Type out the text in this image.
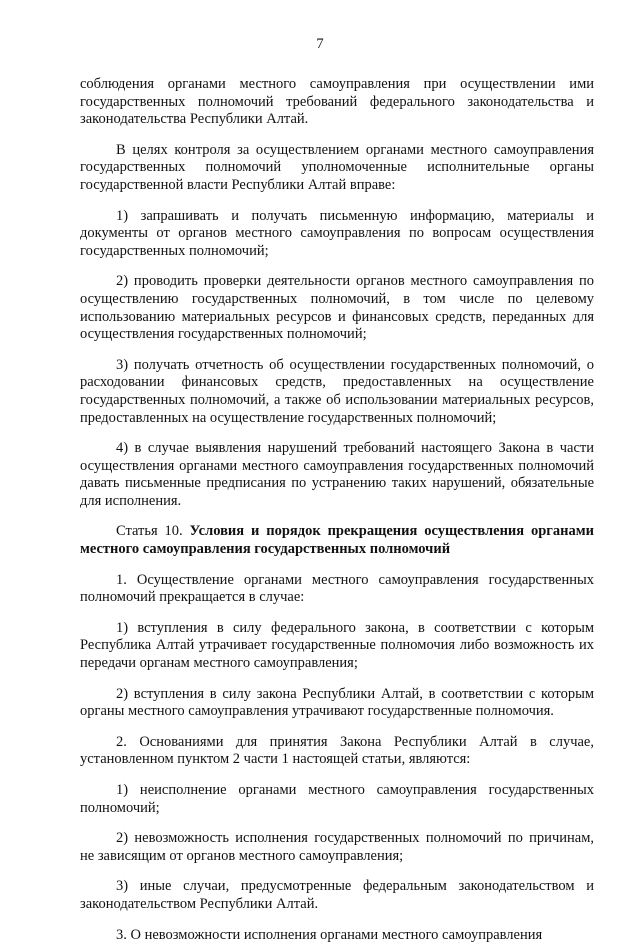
7

соблюдения органами местного самоуправления при осуществлении ими государственных полномочий требований федерального законодательства и законодательства Республики Алтай.

В целях контроля за осуществлением органами местного самоуправления государственных полномочий уполномоченные исполнительные органы государственной власти Республики Алтай вправе:

1) запрашивать и получать письменную информацию, материалы и документы от органов местного самоуправления по вопросам осуществления государственных полномочий;

2) проводить проверки деятельности органов местного самоуправления по осуществлению государственных полномочий, в том числе по целевому использованию материальных ресурсов и финансовых средств, переданных для осуществления государственных полномочий;

3) получать отчетность об осуществлении государственных полномочий, о расходовании финансовых средств, предоставленных на осуществление государственных полномочий, а также об использовании материальных ресурсов, предоставленных на осуществление государственных полномочий;

4) в случае выявления нарушений требований настоящего Закона в части осуществления органами местного самоуправления государственных полномочий давать письменные предписания по устранению таких нарушений, обязательные для исполнения.

Статья 10. Условия и порядок прекращения осуществления органами местного самоуправления государственных полномочий

1. Осуществление органами местного самоуправления государственных полномочий прекращается в случае:

1) вступления в силу федерального закона, в соответствии с которым Республика Алтай утрачивает государственные полномочия либо возможность их передачи органам местного самоуправления;

2) вступления в силу закона Республики Алтай, в соответствии с которым органы местного самоуправления утрачивают государственные полномочия.

2. Основаниями для принятия Закона Республики Алтай в случае, установленном пунктом 2 части 1 настоящей статьи, являются:

1) неисполнение органами местного самоуправления государственных полномочий;

2) невозможность исполнения государственных полномочий по причинам, не зависящим от органов местного самоуправления;

3) иные случаи, предусмотренные федеральным законодательством и законодательством Республики Алтай.

3. О невозможности исполнения органами местного самоуправления
